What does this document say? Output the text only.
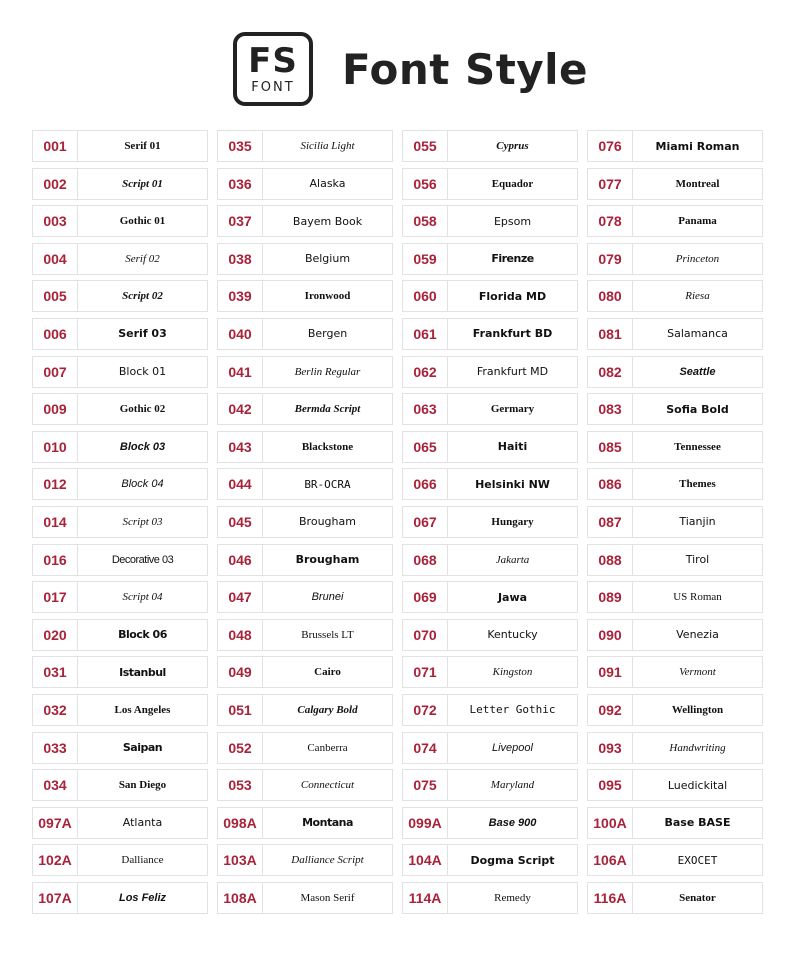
FS
FONT Font Style
001	Serif 01	035	Sicilia Light	055	Cyprus	076	Miami Roman
002	Script 01	036	Alaska	056	Equador	077	Montreal
003	Gothic 01	037	Bayem Book	058	Epsom	078	Panama
004	Serif 02	038	Belgium	059	Firenze	079	Princeton
005	Script 02	039	Ironwood	060	Florida MD	080	Riesa
006	Serif 03	040	Bergen	061	Frankfurt BD	081	Salamanca
007	Block 01	041	Berlin Regular	062	Frankfurt MD	082	Seattle
009	Gothic 02	042	Bermda Script	063	Germary	083	Sofia Bold
010	Block 03	043	Blackstone	065	Haiti	085	Tennessee
012	Block 04	044	BR-OCRA	066	Helsinki NW	086	Themes
014	Script 03	045	Brougham	067	Hungary	087	Tianjin
016	Decorative 03	046	Brougham	068	Jakarta	088	Tirol
017	Script 04	047	Brunei	069	Jawa	089	US Roman
020	Block 06	048	Brussels LT	070	Kentucky	090	Venezia
031	Istanbul	049	Cairo	071	Kingston	091	Vermont
032	Los Angeles	051	Calgary Bold	072	Letter Gothic	092	Wellington
033	Saipan	052	Canberra	074	Livepool	093	Handwriting
034	San Diego	053	Connecticut	075	Maryland	095	Luedickital
097A	Atlanta	098A	Montana	099A	Base 900	100A	Base BASE
102A	Dalliance	103A	Dalliance Script	104A	Dogma Script	106A	EXOCET
107A	Los Feliz	108A	Mason Serif	114A	Remedy	116A	Senator
